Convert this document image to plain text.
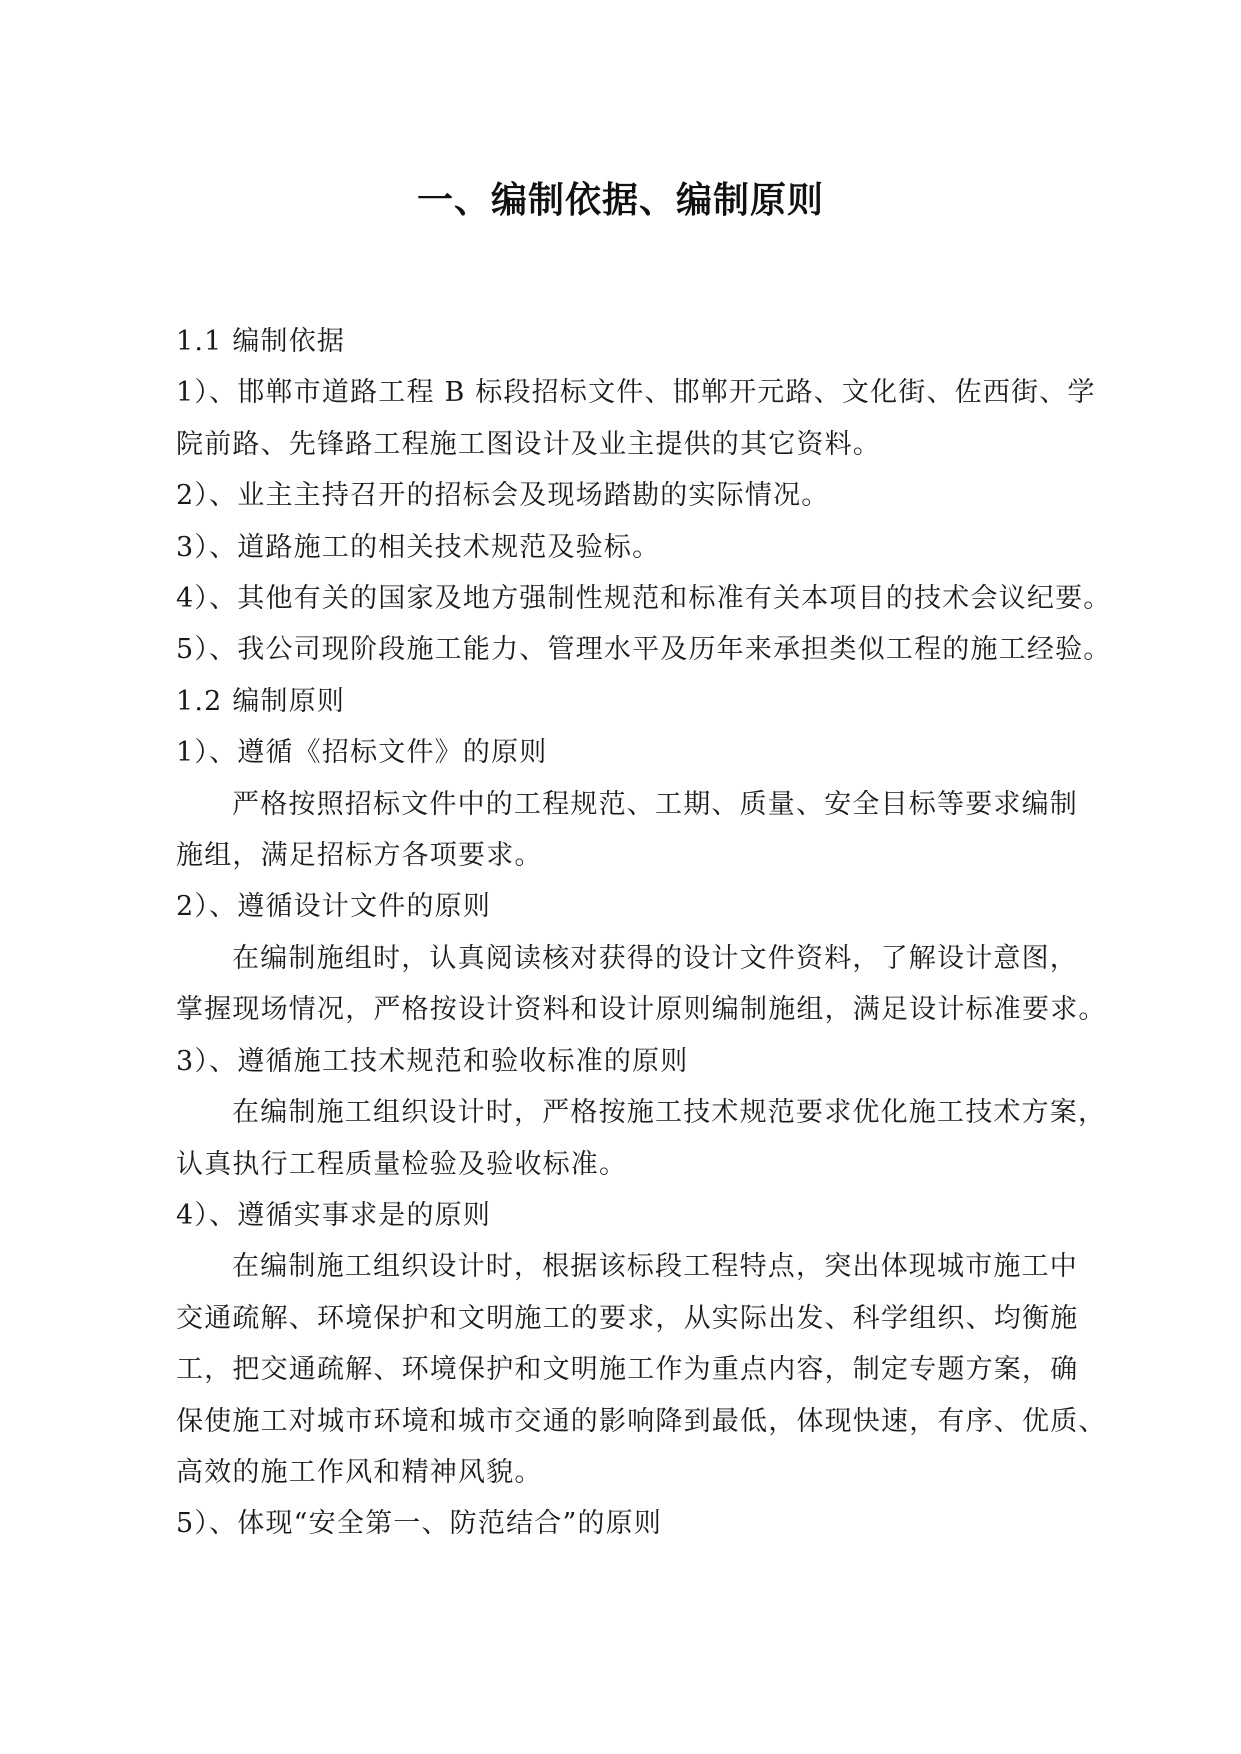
一、编制依据、编制原则

1.1 编制依据

1）、邯郸市道路工程 B 标段招标文件、邯郸开元路、文化街、佐西街、学

院前路、先锋路工程施工图设计及业主提供的其它资料。

2）、业主主持召开的招标会及现场踏勘的实际情况。

3）、道路施工的相关技术规范及验标。

4）、其他有关的国家及地方强制性规范和标准有关本项目的技术会议纪要。

5）、我公司现阶段施工能力、管理水平及历年来承担类似工程的施工经验。

1.2 编制原则

1）、遵循《招标文件》的原则

严格按照招标文件中的工程规范、工期、质量、安全目标等要求编制

施组，满足招标方各项要求。

2）、遵循设计文件的原则

在编制施组时，认真阅读核对获得的设计文件资料，了解设计意图，

掌握现场情况，严格按设计资料和设计原则编制施组，满足设计标准要求。

3）、遵循施工技术规范和验收标准的原则

在编制施工组织设计时，严格按施工技术规范要求优化施工技术方案，

认真执行工程质量检验及验收标准。

4）、遵循实事求是的原则

在编制施工组织设计时，根据该标段工程特点，突出体现城市施工中

交通疏解、环境保护和文明施工的要求，从实际出发、科学组织、均衡施

工，把交通疏解、环境保护和文明施工作为重点内容，制定专题方案，确

保使施工对城市环境和城市交通的影响降到最低，体现快速，有序、优质、

高效的施工作风和精神风貌。

5）、体现“安全第一、防范结合”的原则
